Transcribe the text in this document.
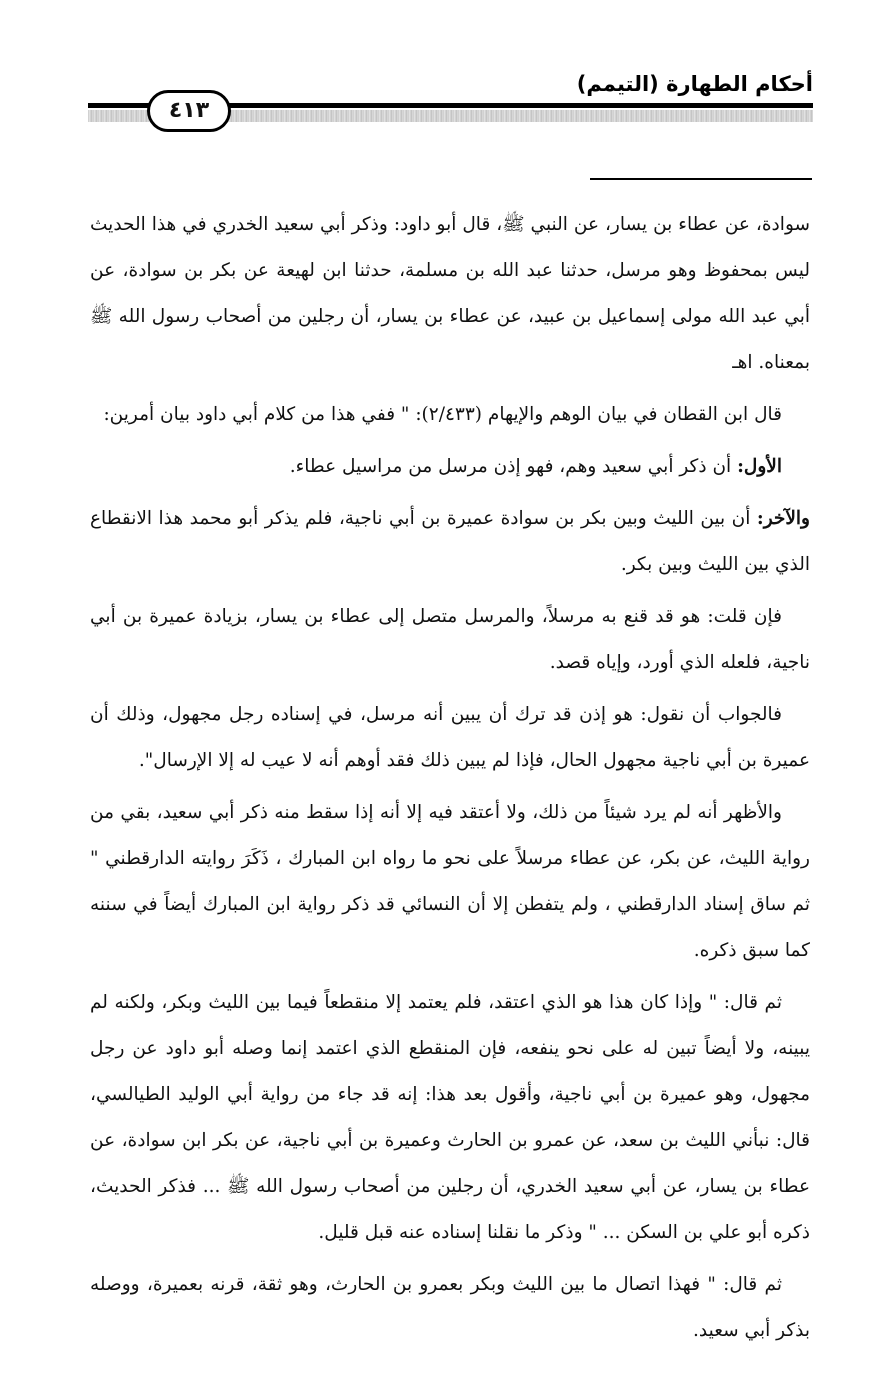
أحكام الطهارة (التيمم)
٤١٣

سوادة، عن عطاء بن يسار، عن النبي ﷺ، قال أبو داود: وذكر أبي سعيد الخدري في هذا الحديث ليس بمحفوظ وهو مرسل، حدثنا عبد الله بن مسلمة، حدثنا ابن لهيعة عن بكر بن سوادة، عن أبي عبد الله مولى إسماعيل بن عبيد، عن عطاء بن يسار، أن رجلين من أصحاب رسول الله ﷺ بمعناه. اهـ

قال ابن القطان في بيان الوهم والإيهام (٢/٤٣٣): " ففي هذا من كلام أبي داود بيان أمرين:

الأول: أن ذكر أبي سعيد وهم، فهو إذن مرسل من مراسيل عطاء.

والآخر: أن بين الليث وبين بكر بن سوادة عميرة بن أبي ناجية، فلم يذكر أبو محمد هذا الانقطاع الذي بين الليث وبين بكر.

فإن قلت: هو قد قنع به مرسلاً، والمرسل متصل إلى عطاء بن يسار، بزيادة عميرة بن أبي ناجية، فلعله الذي أورد، وإياه قصد.

فالجواب أن نقول: هو إذن قد ترك أن يبين أنه مرسل، في إسناده رجل مجهول، وذلك أن عميرة بن أبي ناجية مجهول الحال، فإذا لم يبين ذلك فقد أوهم أنه لا عيب له إلا الإرسال".

والأظهر أنه لم يرد شيئاً من ذلك، ولا أعتقد فيه إلا أنه إذا سقط منه ذكر أبي سعيد، بقي من رواية الليث، عن بكر، عن عطاء مرسلاً على نحو ما رواه ابن المبارك ، ذَكَرَ روايته الدارقطني " ثم ساق إسناد الدارقطني ، ولم يتفطن إلا أن النسائي قد ذكر رواية ابن المبارك أيضاً في سننه كما سبق ذكره.

ثم قال: " وإذا كان هذا هو الذي اعتقد، فلم يعتمد إلا منقطعاً فيما بين الليث وبكر، ولكنه لم يبينه، ولا أيضاً تبين له على نحو ينفعه، فإن المنقطع الذي اعتمد إنما وصله أبو داود عن رجل مجهول، وهو عميرة بن أبي ناجية، وأقول بعد هذا: إنه قد جاء من رواية أبي الوليد الطيالسي، قال: نبأني الليث بن سعد، عن عمرو بن الحارث وعميرة بن أبي ناجية، عن بكر ابن سوادة، عن عطاء بن يسار، عن أبي سعيد الخدري، أن رجلين من أصحاب رسول الله ﷺ ... فذكر الحديث، ذكره أبو علي بن السكن ... " وذكر ما نقلنا إسناده عنه قبل قليل.

ثم قال: " فهذا اتصال ما بين الليث وبكر بعمرو بن الحارث، وهو ثقة، قرنه بعميرة، ووصله بذكر أبي سعيد.
